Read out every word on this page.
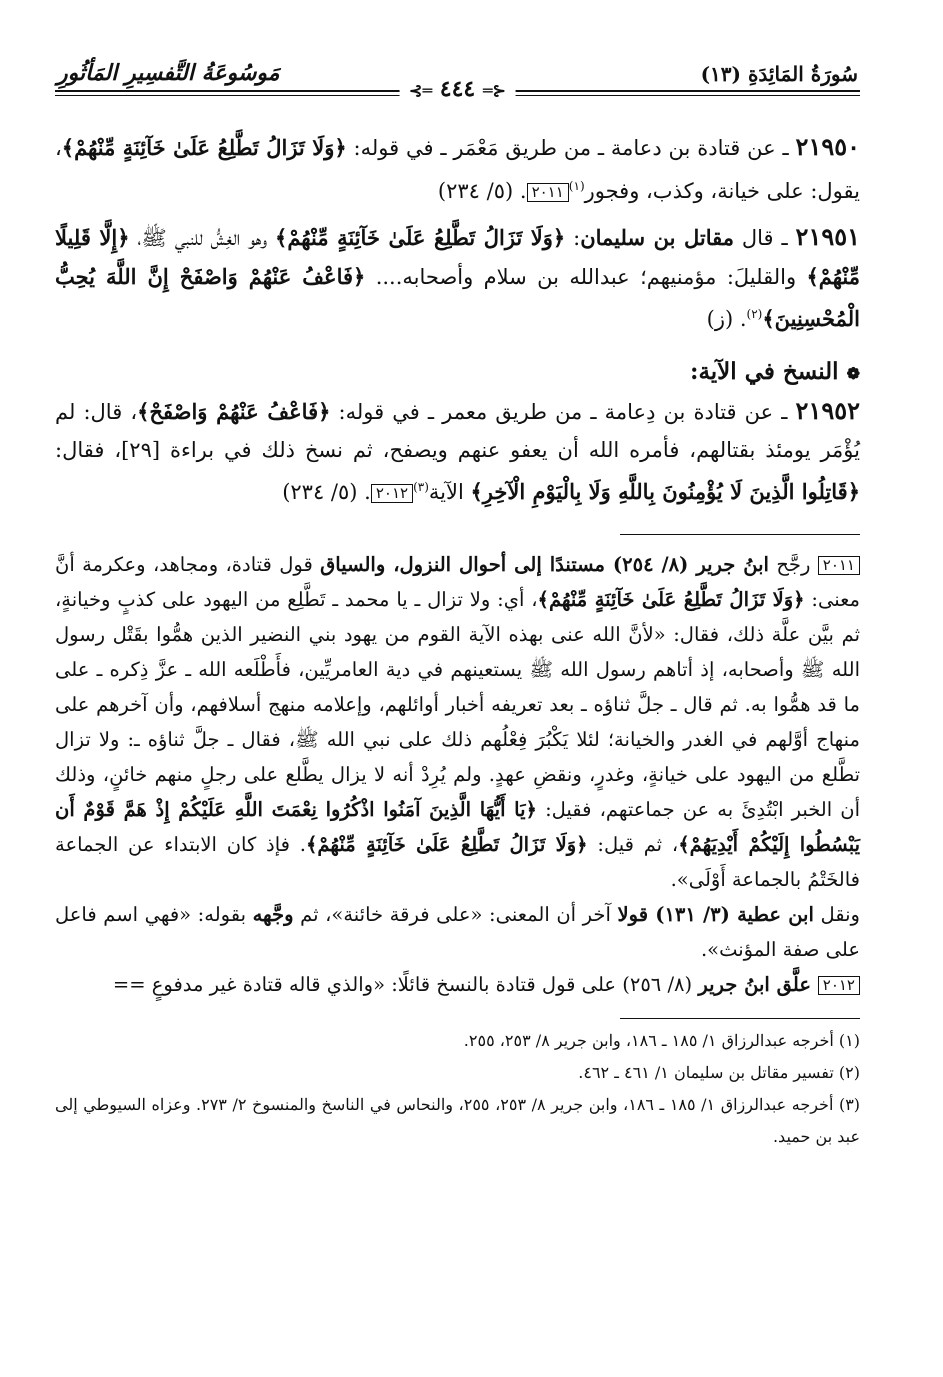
سُورَةُ المَائِدَةِ (١٣)
مَوسُوعَةُ التَّفسِيرِ المَأثُورِ
⊰═ ٤٤٤ ═⊱

٢١٩٥٠ ـ عن قتادة بن دعامة ـ من طريق مَعْمَر ـ في قوله: ﴿وَلَا تَزَالُ تَطَّلِعُ عَلَىٰ خَآئِنَةٍ مِّنْهُمْ﴾، يقول: على خيانة، وكذب، وفجور$^{(١)}$٢٠١١. (٥/ ٢٣٤)

٢١٩٥١ ـ قال مقاتل بن سليمان: ﴿وَلَا تَزَالُ تَطَّلِعُ عَلَىٰ خَآئِنَةٍ مِّنْهُمْ﴾ وهو الغِشُّ للنبي ﷺ، ﴿إِلَّا قَلِيلًا مِّنْهُمْ﴾ والقليلَ: مؤمنيهم؛ عبدالله بن سلام وأصحابه.... ﴿فَاعْفُ عَنْهُمْ وَاصْفَحْ إِنَّ اللَّهَ يُحِبُّ الْمُحْسِنِينَ﴾$^{(٢)}$. (ز)

❁ النسخ في الآية:

٢١٩٥٢ ـ عن قتادة بن دِعامة ـ من طريق معمر ـ في قوله: ﴿فَاعْفُ عَنْهُمْ وَاصْفَحْ﴾، قال: لم يُؤْمَر يومئذ بقتالهم، فأمره الله أن يعفو عنهم ويصفح، ثم نسخ ذلك في براءة [٢٩]، فقال: ﴿قَاتِلُوا الَّذِينَ لَا يُؤْمِنُونَ بِاللَّهِ وَلَا بِالْيَوْمِ الْآخِرِ﴾ الآية$^{(٣)}$٢٠١٢. (٥/ ٢٣٤)

٢٠١١ رجَّح ابنُ جرير (٨/ ٢٥٤) مستندًا إلى أحوال النزول، والسياق قول قتادة، ومجاهد، وعكرمة أنَّ معنى: ﴿وَلَا تَزَالُ تَطَّلِعُ عَلَىٰ خَآئِنَةٍ مِّنْهُمْ﴾، أي: ولا تزال ـ يا محمد ـ تَطَّلِع من اليهود على كذبٍ وخيانةٍ، ثم بيَّن علَّة ذلك، فقال: «لأنَّ الله عنى بهذه الآية القوم من يهود بني النضير الذين همُّوا بقَتْل رسول الله ﷺ وأصحابه، إذ أتاهم رسول الله ﷺ يستعينهم في دية العامريِّين، فأَطْلَعه الله ـ عزَّ ذِكره ـ على ما قد همُّوا به. ثم قال ـ جلَّ ثناؤه ـ بعد تعريفه أخبار أوائلهم، وإعلامه منهج أسلافهم، وأن آخرهم على منهاج أوَّلهم في الغدر والخيانة؛ لئلا يَكْبُرَ فِعْلُهم ذلك على نبي الله ﷺ، فقال ـ جلَّ ثناؤه ـ: ولا تزال تطَّلع من اليهود على خيانةٍ، وغدرٍ، ونقضِ عهدٍ. ولم يُرِدْ أنه لا يزال يطَّلع على رجلٍ منهم خائنٍ، وذلك أن الخبر ابْتُدِئَ به عن جماعتهم، فقيل: ﴿يَا أَيُّهَا الَّذِينَ آمَنُوا اذْكُرُوا نِعْمَتَ اللَّهِ عَلَيْكُمْ إِذْ هَمَّ قَوْمٌ أَن يَبْسُطُوا إِلَيْكُمْ أَيْدِيَهُمْ﴾، ثم قيل: ﴿وَلَا تَزَالُ تَطَّلِعُ عَلَىٰ خَآئِنَةٍ مِّنْهُمْ﴾. فإذ كان الابتداء عن الجماعة فالخَتْمُ بالجماعة أَوْلَى».

ونقل ابن عطية (٣/ ١٣١) قولا آخر أن المعنى: «على فرقة خائنة»، ثم وجَّهه بقوله: «فهي اسم فاعل على صفة المؤنث».

٢٠١٢ علَّق ابنُ جرير (٨/ ٢٥٦) على قول قتادة بالنسخ قائلًا: «والذي قاله قتادة غير مدفوعٍ ==

(١) أخرجه عبدالرزاق ١/ ١٨٥ ـ ١٨٦، وابن جرير ٨/ ٢٥٣، ٢٥٥.

(٢) تفسير مقاتل بن سليمان ١/ ٤٦١ ـ ٤٦٢.

(٣) أخرجه عبدالرزاق ١/ ١٨٥ ـ ١٨٦، وابن جرير ٨/ ٢٥٣، ٢٥٥، والنحاس في الناسخ والمنسوخ ٢/ ٢٧٣. وعزاه السيوطي إلى عبد بن حميد.
